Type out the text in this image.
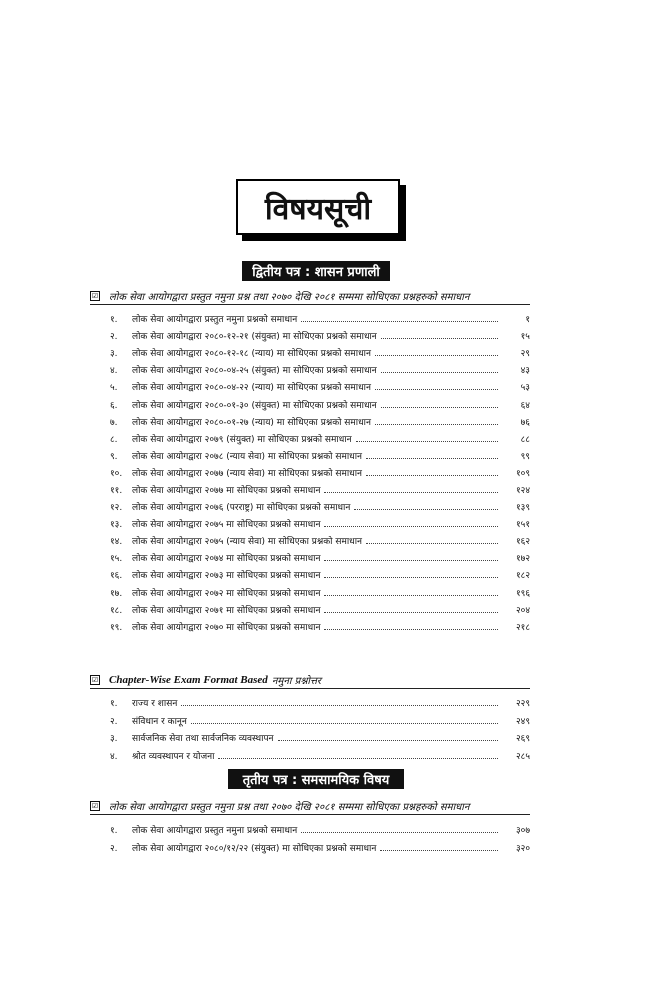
विषयसूची
द्वितीय पत्र : शासन प्रणाली
☑ लोक सेवा आयोगद्वारा प्रस्तुत नमुना प्रश्न तथा २०७० देखि २०८१ सम्ममा सोधिएका प्रश्नहरुको समाधान
१.	लोक सेवा आयोगद्वारा प्रस्तुत नमुना प्रश्नको समाधान	१
२.	लोक सेवा आयोगद्वारा २०८०-१२-२१ (संयुक्त) मा सोधिएका प्रश्नको समाधान	१५
३.	लोक सेवा आयोगद्वारा २०८०-१२-१८ (न्याय) मा सोधिएका प्रश्नको समाधान	२९
४.	लोक सेवा आयोगद्वारा २०८०-०४-२५ (संयुक्त) मा सोधिएका प्रश्नको समाधान	४३
५.	लोक सेवा आयोगद्वारा २०८०-०४-२२ (न्याय) मा सोधिएका प्रश्नको समाधान	५३
६.	लोक सेवा आयोगद्वारा २०८०-०१-३० (संयुक्त) मा सोधिएका प्रश्नको समाधान	६४
७.	लोक सेवा आयोगद्वारा २०८०-०१-२७ (न्याय) मा सोधिएका प्रश्नको समाधान	७६
८.	लोक सेवा आयोगद्वारा २०७९ (संयुक्त) मा सोधिएका प्रश्नको समाधान	८८
९.	लोक सेवा आयोगद्वारा २०७८ (न्याय सेवा) मा सोधिएका प्रश्नको समाधान	९९
१०.	लोक सेवा आयोगद्वारा २०७७ (न्याय सेवा) मा सोधिएका प्रश्नको समाधान	१०९
११.	लोक सेवा आयोगद्वारा २०७७ मा सोधिएका प्रश्नको समाधान	१२४
१२.	लोक सेवा आयोगद्वारा २०७६ (परराष्ट्र) मा सोधिएका प्रश्नको समाधान	१३९
१३.	लोक सेवा आयोगद्वारा २०७५ मा सोधिएका प्रश्नको समाधान	१५१
१४.	लोक सेवा आयोगद्वारा २०७५ (न्याय सेवा) मा सोधिएका प्रश्नको समाधान	१६२
१५.	लोक सेवा आयोगद्वारा २०७४ मा सोधिएका प्रश्नको समाधान	१७२
१६.	लोक सेवा आयोगद्वारा २०७३ मा सोधिएका प्रश्नको समाधान	१८२
१७.	लोक सेवा आयोगद्वारा २०७२ मा सोधिएका प्रश्नको समाधान	१९६
१८.	लोक सेवा आयोगद्वारा २०७१ मा सोधिएका प्रश्नको समाधान	२०४
१९.	लोक सेवा आयोगद्वारा २०७० मा सोधिएका प्रश्नको समाधान	२१८
☑ Chapter-Wise Exam Format Based नमुना प्रश्नोत्तर
१.	राज्य र शासन	२२९
२.	संविधान र कानून	२४९
३.	सार्वजनिक सेवा तथा सार्वजनिक व्यवस्थापन	२६९
४.	श्रोत व्यवस्थापन र योजना	२८५
तृतीय पत्र : समसामयिक विषय
☑ लोक सेवा आयोगद्वारा प्रस्तुत नमुना प्रश्न तथा २०७० देखि २०८१ सम्ममा सोधिएका प्रश्नहरुको समाधान
१.	लोक सेवा आयोगद्वारा प्रस्तुत नमुना प्रश्नको समाधान	३०७
२.	लोक सेवा आयोगद्वारा २०८०/१२/२२ (संयुक्त) मा सोधिएका प्रश्नको समाधान	३२०
